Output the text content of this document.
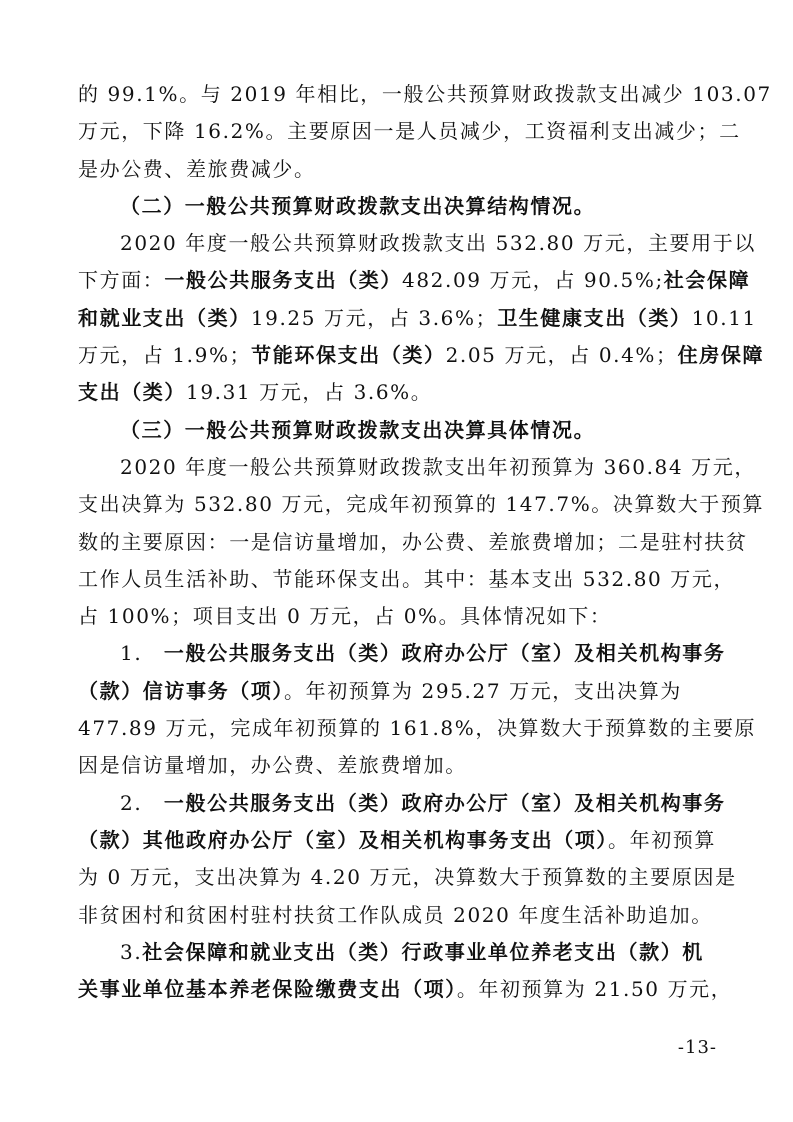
的 99.1%。与 2019 年相比，一般公共预算财政拨款支出减少 103.07
万元，下降 16.2%。主要原因一是人员减少，工资福利支出减少；二
是办公费、差旅费减少。
（二）一般公共预算财政拨款支出决算结构情况。
2020 年度一般公共预算财政拨款支出 532.80 万元，主要用于以
下方面：一般公共服务支出（类）482.09 万元，占 90.5%;社会保障
和就业支出（类）19.25 万元，占 3.6%；卫生健康支出（类）10.11
万元，占 1.9%；节能环保支出（类）2.05 万元，占 0.4%；住房保障
支出（类）19.31 万元，占 3.6%。
（三）一般公共预算财政拨款支出决算具体情况。
2020 年度一般公共预算财政拨款支出年初预算为 360.84 万元，
支出决算为 532.80 万元，完成年初预算的 147.7%。决算数大于预算
数的主要原因：一是信访量增加，办公费、差旅费增加；二是驻村扶贫
工作人员生活补助、节能环保支出。其中：基本支出 532.80 万元，
占 100%；项目支出 0 万元，占 0%。具体情况如下：
1.　一般公共服务支出（类）政府办公厅（室）及相关机构事务
（款）信访事务（项）。年初预算为 295.27 万元，支出决算为
477.89 万元，完成年初预算的 161.8%，决算数大于预算数的主要原
因是信访量增加，办公费、差旅费增加。
2.　一般公共服务支出（类）政府办公厅（室）及相关机构事务
（款）其他政府办公厅（室）及相关机构事务支出（项）。年初预算
为 0 万元，支出决算为 4.20 万元，决算数大于预算数的主要原因是
非贫困村和贫困村驻村扶贫工作队成员 2020 年度生活补助追加。
3.社会保障和就业支出（类）行政事业单位养老支出（款）机
关事业单位基本养老保险缴费支出（项）。年初预算为 21.50 万元，
-13-
